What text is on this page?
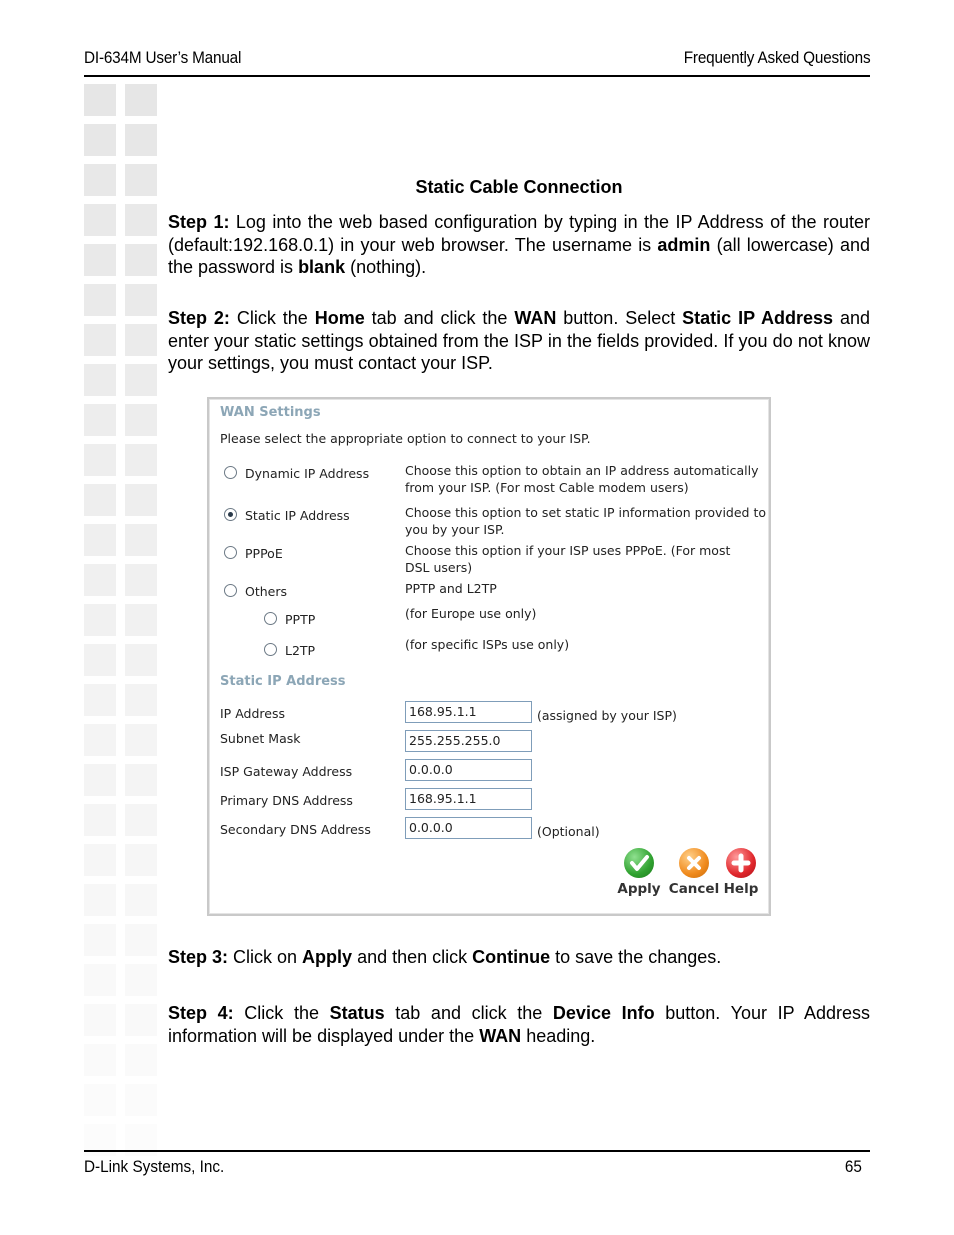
DI-634M User’s Manual	Frequently Asked Questions
Static Cable Connection
Step 1: Log into the web based configuration by typing in the IP Address of the router (default:192.168.0.1) in your web browser. The username is admin (all lowercase) and the password is blank (nothing).
Step 2: Click the Home tab and click the WAN button. Select Static IP Address and enter your static settings obtained from the ISP in the fields provided. If you do not know your settings, you must contact your ISP.
WAN Settings
Please select the appropriate option to connect to your ISP.
Dynamic IP Address	Choose this option to obtain an IP address automatically
from your ISP. (For most Cable modem users)
Static IP Address	Choose this option to set static IP information provided to
you by your ISP.
PPPoE	Choose this option if your ISP uses PPPoE. (For most
DSL users)
Others	PPTP and L2TP
PPTP	(for Europe use only)
L2TP	(for specific ISPs use only)
Static IP Address
IP Address	168.95.1.1	(assigned by your ISP)
Subnet Mask	255.255.255.0
ISP Gateway Address	0.0.0.0
Primary DNS Address	168.95.1.1
Secondary DNS Address	0.0.0.0	(Optional)
Apply Cancel Help
Step 3: Click on Apply and then click Continue to save the changes.
Step 4: Click the Status tab and click the Device Info button. Your IP Address information will be displayed under the WAN heading.
D-Link Systems, Inc.	65
